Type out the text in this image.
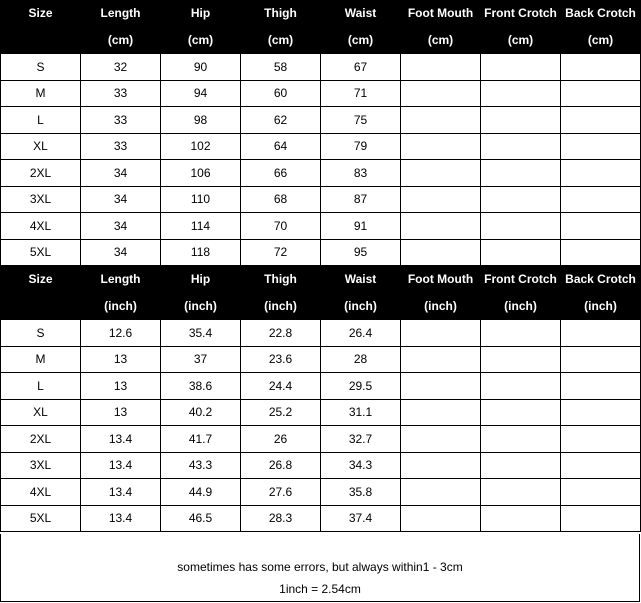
Size	Length	Hip	Thigh	Waist	Foot Mouth	Front Crotch	Back Crotch
	(cm)	(cm)	(cm)	(cm)	(cm)	(cm)	(cm)
S	32	90	58	67			
M	33	94	60	71			
L	33	98	62	75			
XL	33	102	64	79			
2XL	34	106	66	83			
3XL	34	110	68	87			
4XL	34	114	70	91			
5XL	34	118	72	95			
Size	Length	Hip	Thigh	Waist	Foot Mouth	Front Crotch	Back Crotch
	(inch)	(inch)	(inch)	(inch)	(inch)	(inch)	(inch)
S	12.6	35.4	22.8	26.4			
M	13	37	23.6	28			
L	13	38.6	24.4	29.5			
XL	13	40.2	25.2	31.1			
2XL	13.4	41.7	26	32.7			
3XL	13.4	43.3	26.8	34.3			
4XL	13.4	44.9	27.6	35.8			
5XL	13.4	46.5	28.3	37.4			
sometimes has some errors, but always within1 - 3cm
1inch = 2.54cm
